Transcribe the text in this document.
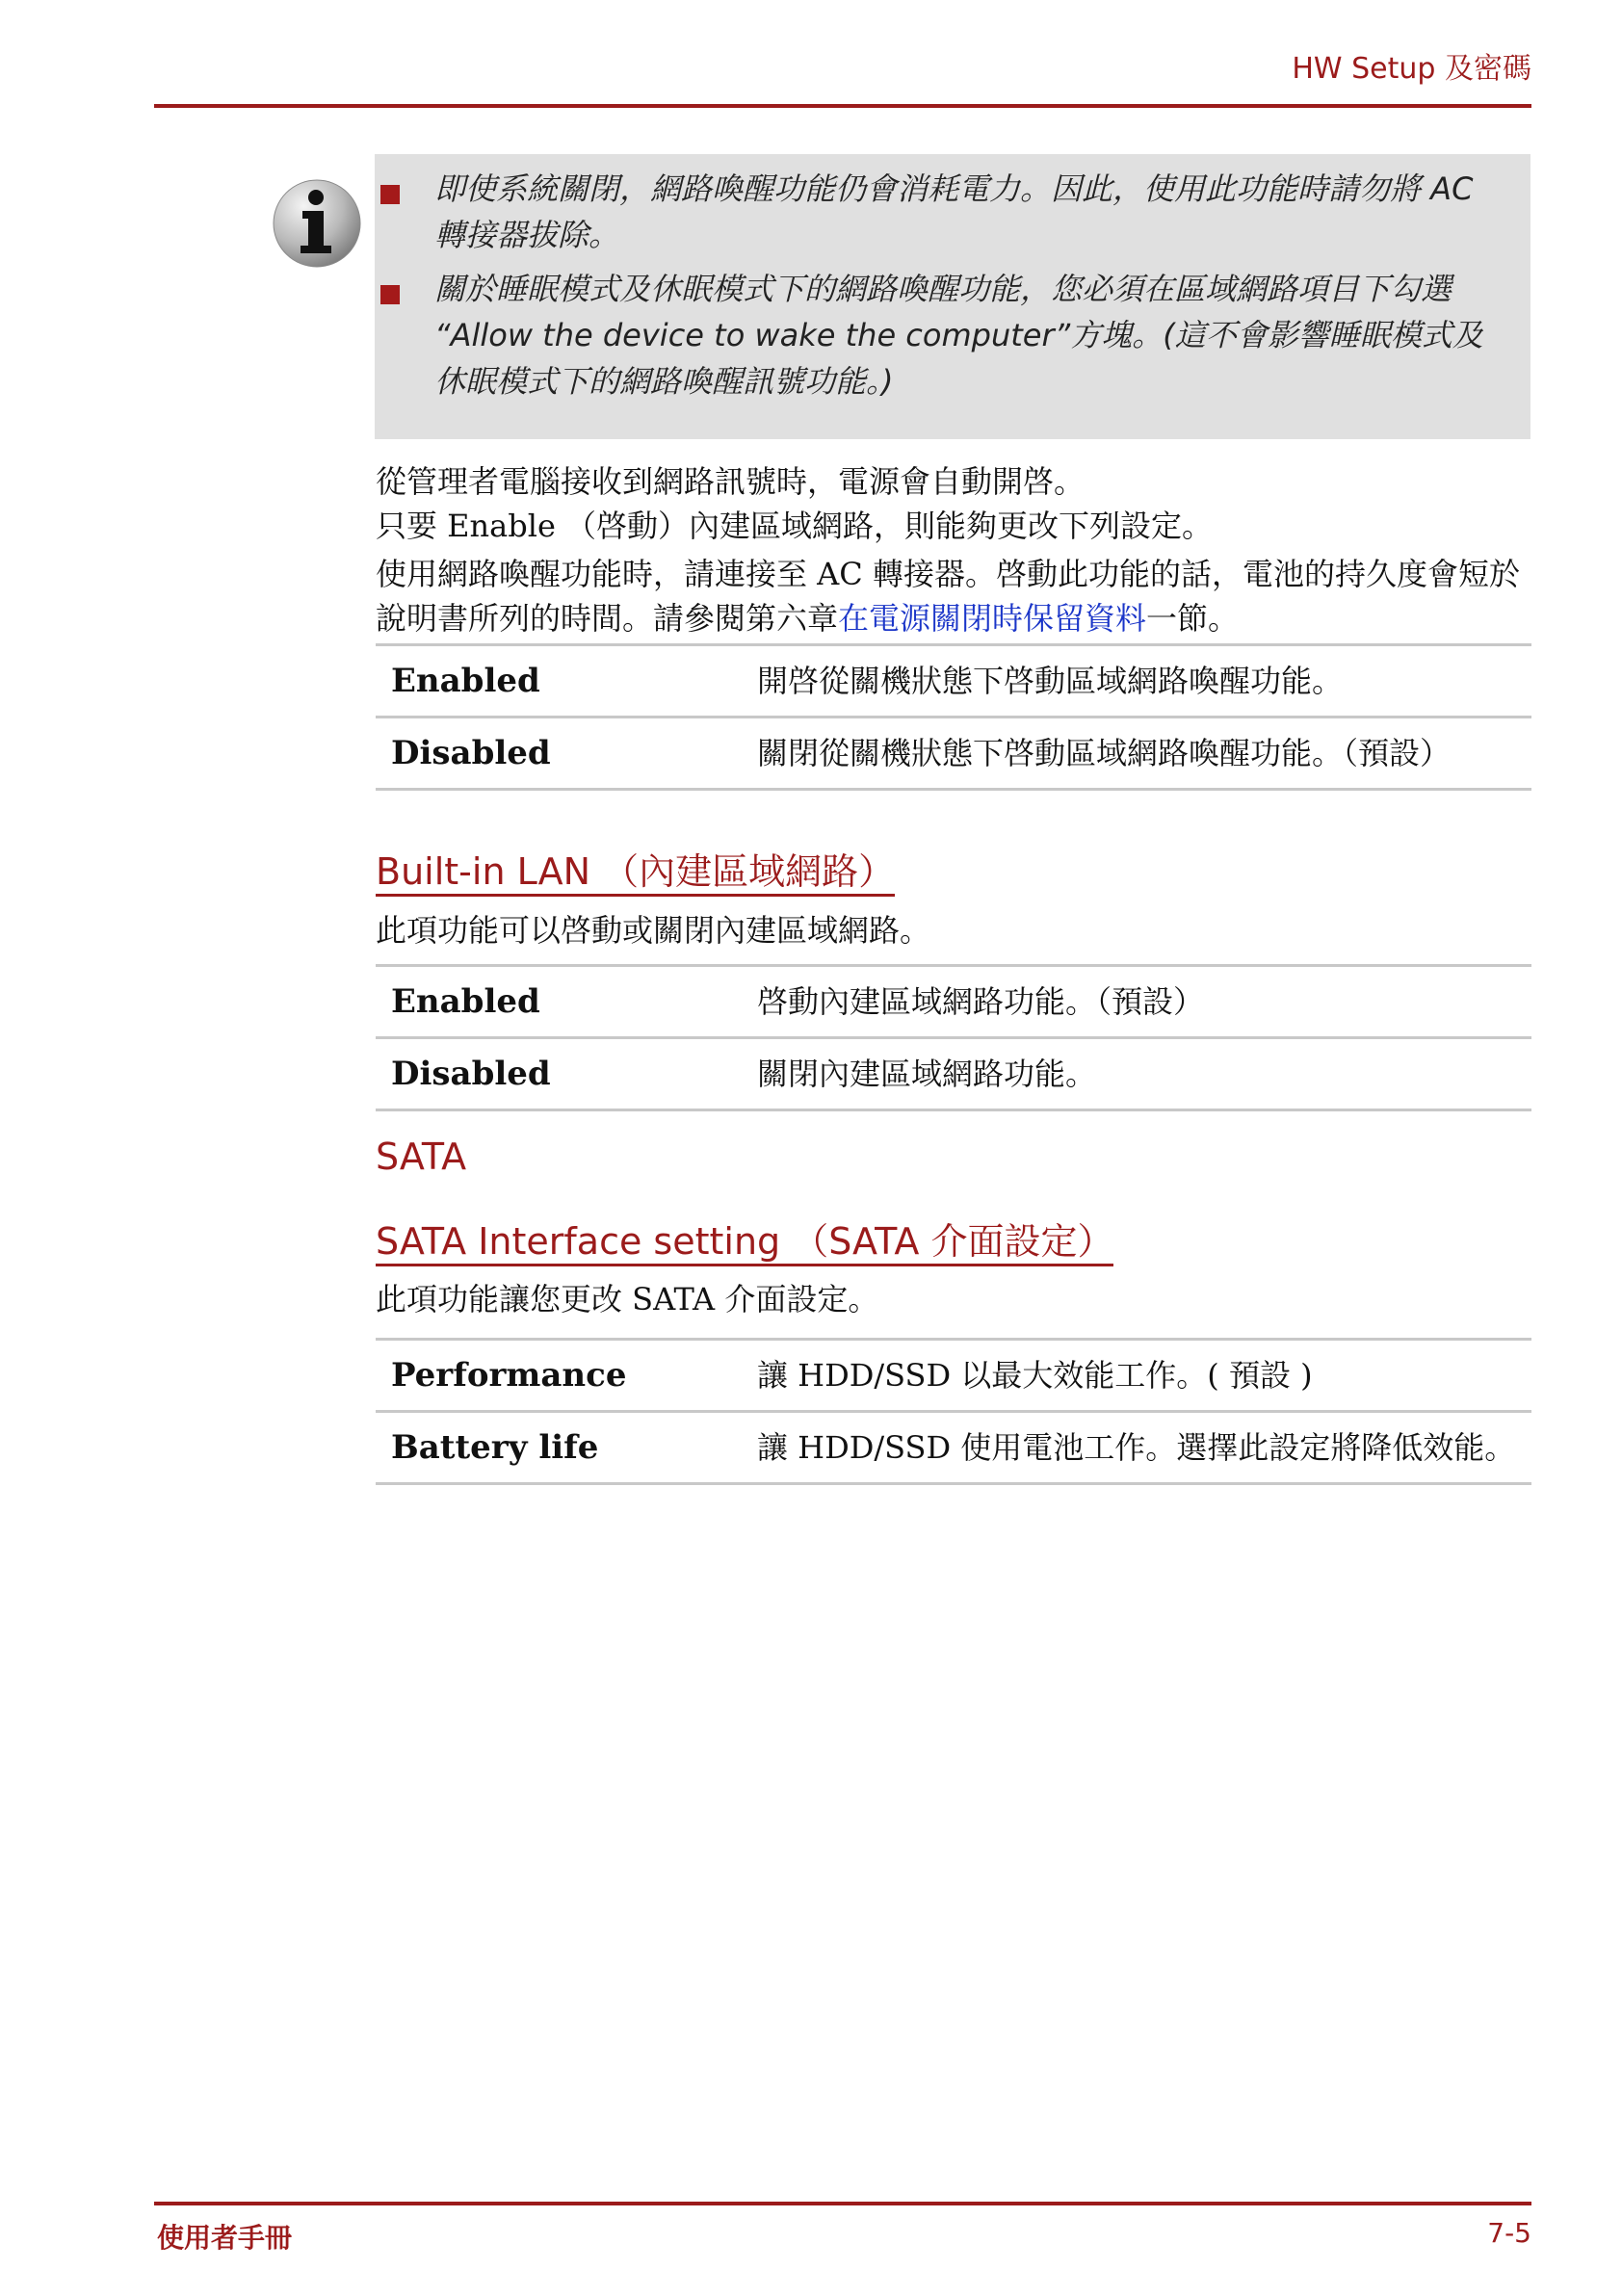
HW Setup 及密碼
即使系統關閉，網路喚醒功能仍會消耗電力。因此，使用此功能時請勿將 AC 轉接器拔除。
關於睡眠模式及休眠模式下的網路喚醒功能，您必須在區域網路項目下勾選 “Allow the device to wake the computer”方塊。(這不會影響睡眠模式及休眠模式下的網路喚醒訊號功能。)

從管理者電腦接收到網路訊號時，電源會自動開啓。

只要 Enable （啓動）內建區域網路，則能夠更改下列設定。

使用網路喚醒功能時，請連接至 AC 轉接器。啓動此功能的話，電池的持久度會短於說明書所列的時間。請參閱第六章在電源關閉時保留資料一節。

Enabled	開啓從關機狀態下啓動區域網路喚醒功能。
Disabled	關閉從關機狀態下啓動區域網路喚醒功能。（預設）
Built-in LAN （內建區域網路）

此項功能可以啓動或關閉內建區域網路。

Enabled	啓動內建區域網路功能。（預設）
Disabled	關閉內建區域網路功能。
SATA
SATA Interface setting （SATA 介面設定）

此項功能讓您更改 SATA 介面設定。

Performance	讓 HDD/SSD 以最大效能工作。( 預設 )
Battery life	讓 HDD/SSD 使用電池工作。選擇此設定將降低效能。
使用者手冊	7-5
